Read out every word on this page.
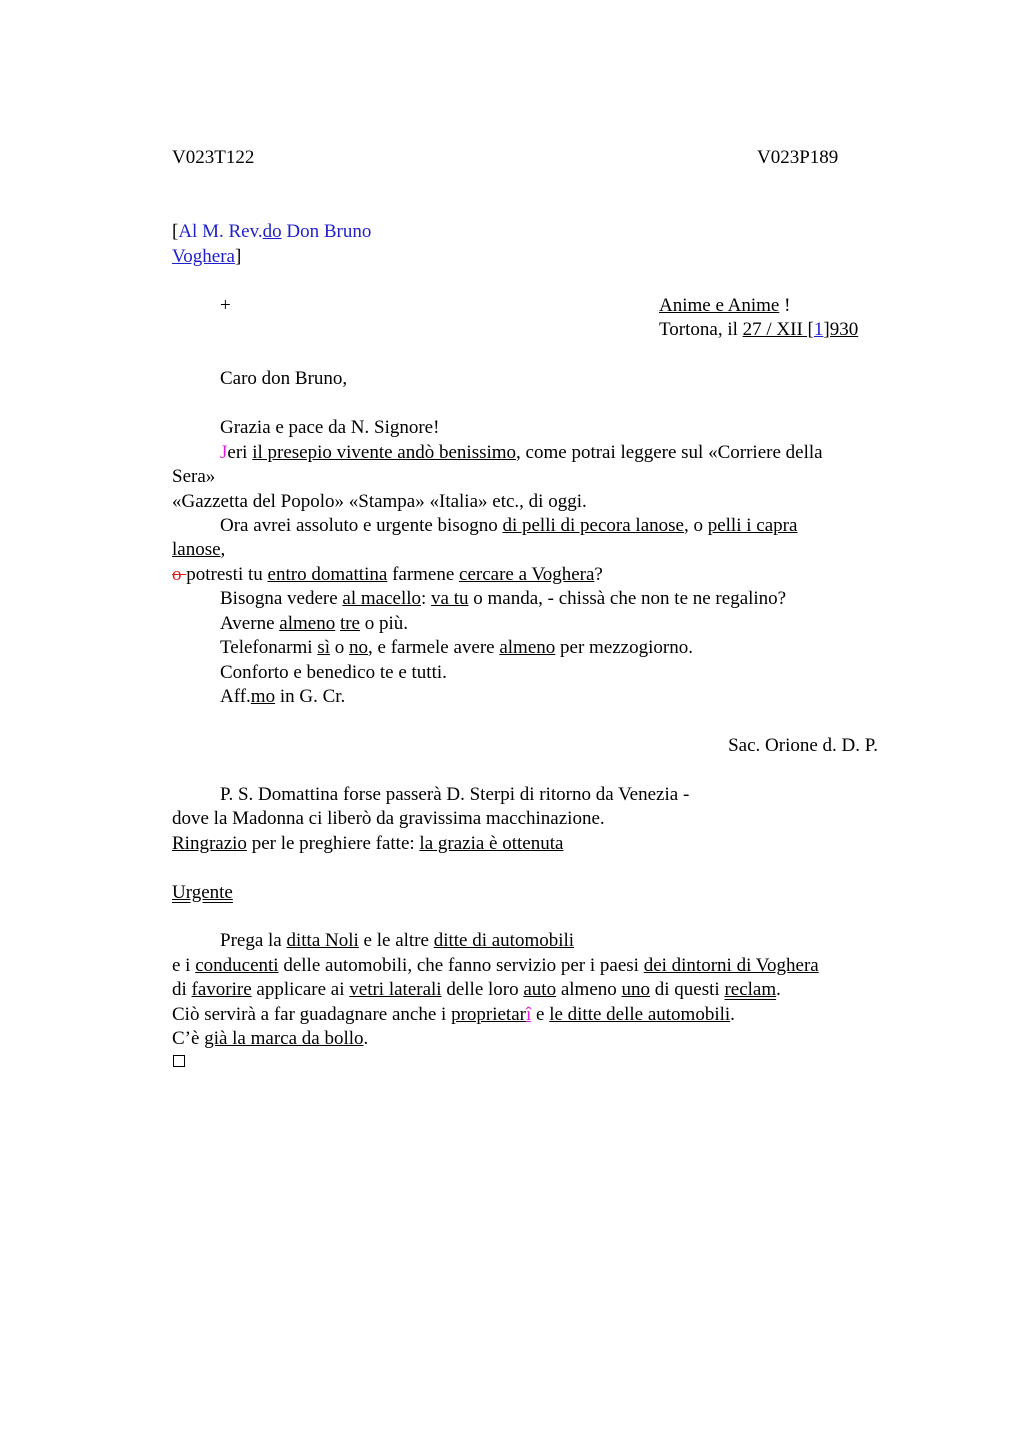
V023T122	V023P189
[Al M. Rev.do Don Bruno
Voghera]
+	Anime e Anime !
Tortona, il 27 / XII [1]930
Caro don Bruno,
Grazia e pace da N. Signore!
Jeri il presepio vivente andò benissimo, come potrai leggere sul «Corriere della
Sera»
«Gazzetta del Popolo» «Stampa» «Italia» etc., di oggi.
Ora avrei assoluto e urgente bisogno di pelli di pecora lanose, o pelli i capra
lanose,
o potresti tu entro domattina farmene cercare a Voghera?
Bisogna vedere al macello: va tu o manda, - chissà che non te ne regalino?
Averne almeno tre o più.
Telefonarmi sì o no, e farmele avere almeno per mezzogiorno.
Conforto e benedico te e tutti.
Aff.mo in G. Cr.
Sac. Orione d. D. P.
P. S. Domattina forse passerà D. Sterpi di ritorno da Venezia -
dove la Madonna ci liberò da gravissima macchinazione.
Ringrazio per le preghiere fatte: la grazia è ottenuta
Urgente
Prega la ditta Noli e le altre ditte di automobili
e i conducenti delle automobili, che fanno servizio per i paesi dei dintorni di Voghera
di favorire applicare ai vetri laterali delle loro auto almeno uno di questi reclam.
Ciò servirà a far guadagnare anche i proprietarî e le ditte delle automobili.
C’è già la marca da bollo.
